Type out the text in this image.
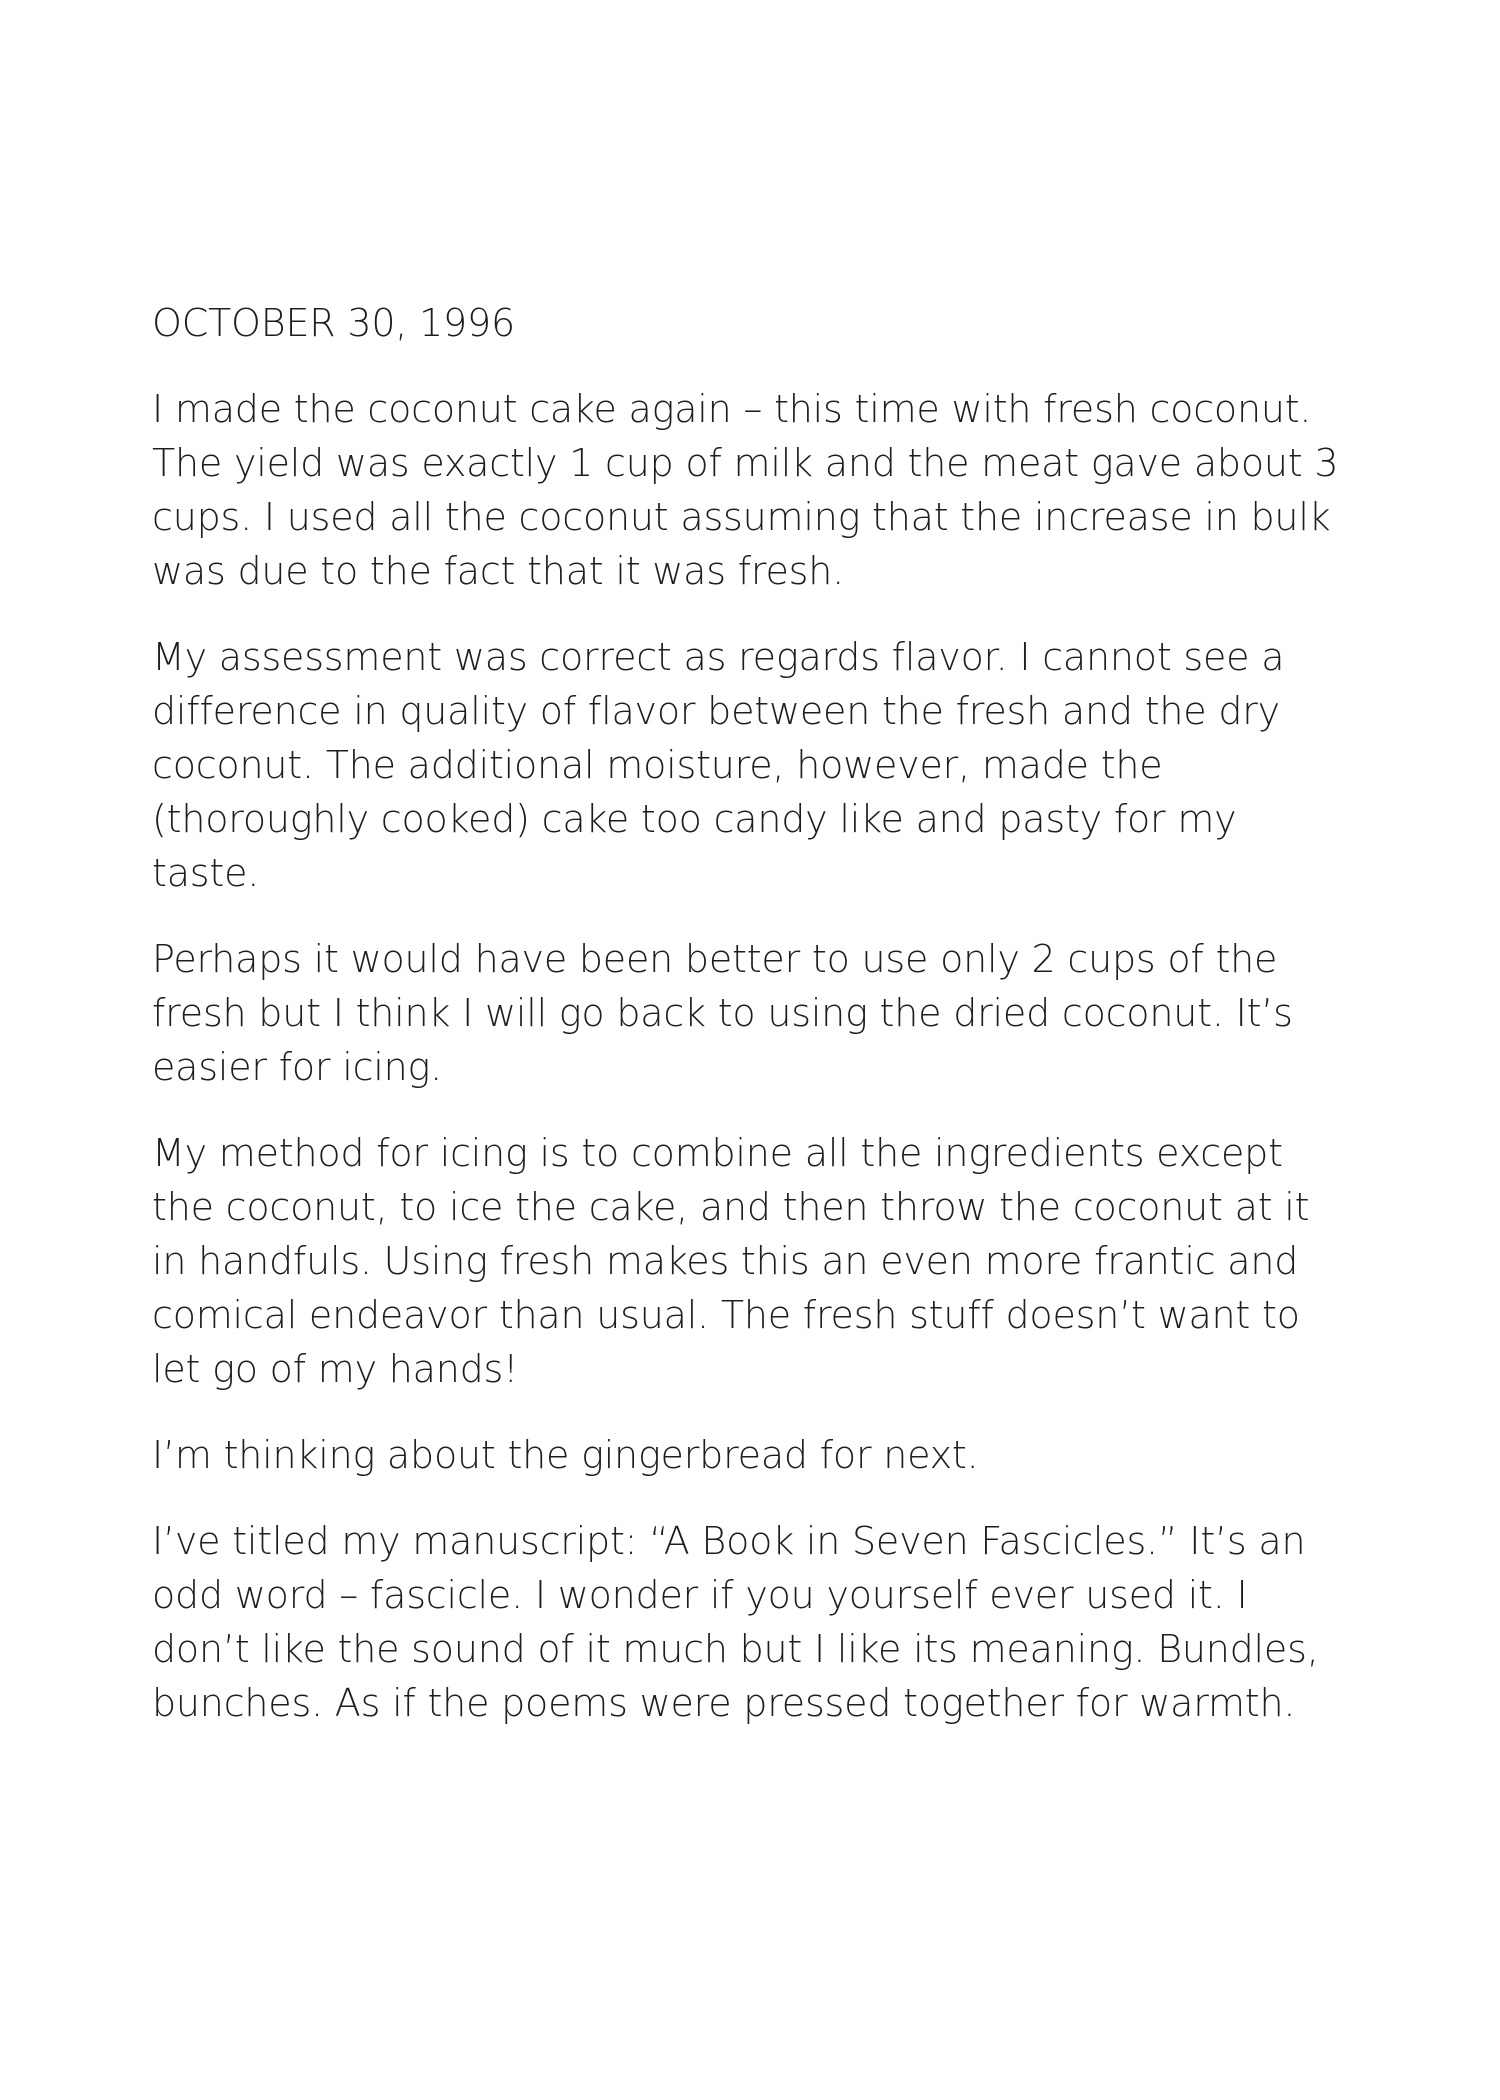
OCTOBER 30, 1996

I made the coconut cake again – this time with fresh coconut. The yield was exactly 1 cup of milk and the meat gave about 3 cups. I used all the coconut assuming that the increase in bulk was due to the fact that it was fresh.

My assessment was correct as regards flavor. I cannot see a difference in quality of flavor between the fresh and the dry coconut. The additional moisture, however, made the (thoroughly cooked) cake too candy like and pasty for my taste.

Perhaps it would have been better to use only 2 cups of the fresh but I think I will go back to using the dried coconut. It’s easier for icing.

My method for icing is to combine all the ingredients except the coconut, to ice the cake, and then throw the coconut at it in handfuls. Using fresh makes this an even more frantic and comical endeavor than usual. The fresh stuff doesn’t want to let go of my hands!

I’m thinking about the gingerbread for next.

I’ve titled my manuscript: “A Book in Seven Fascicles.” It’s an odd word – fascicle. I wonder if you yourself ever used it. I don’t like the sound of it much but I like its meaning. Bundles, bunches. As if the poems were pressed together for warmth.
